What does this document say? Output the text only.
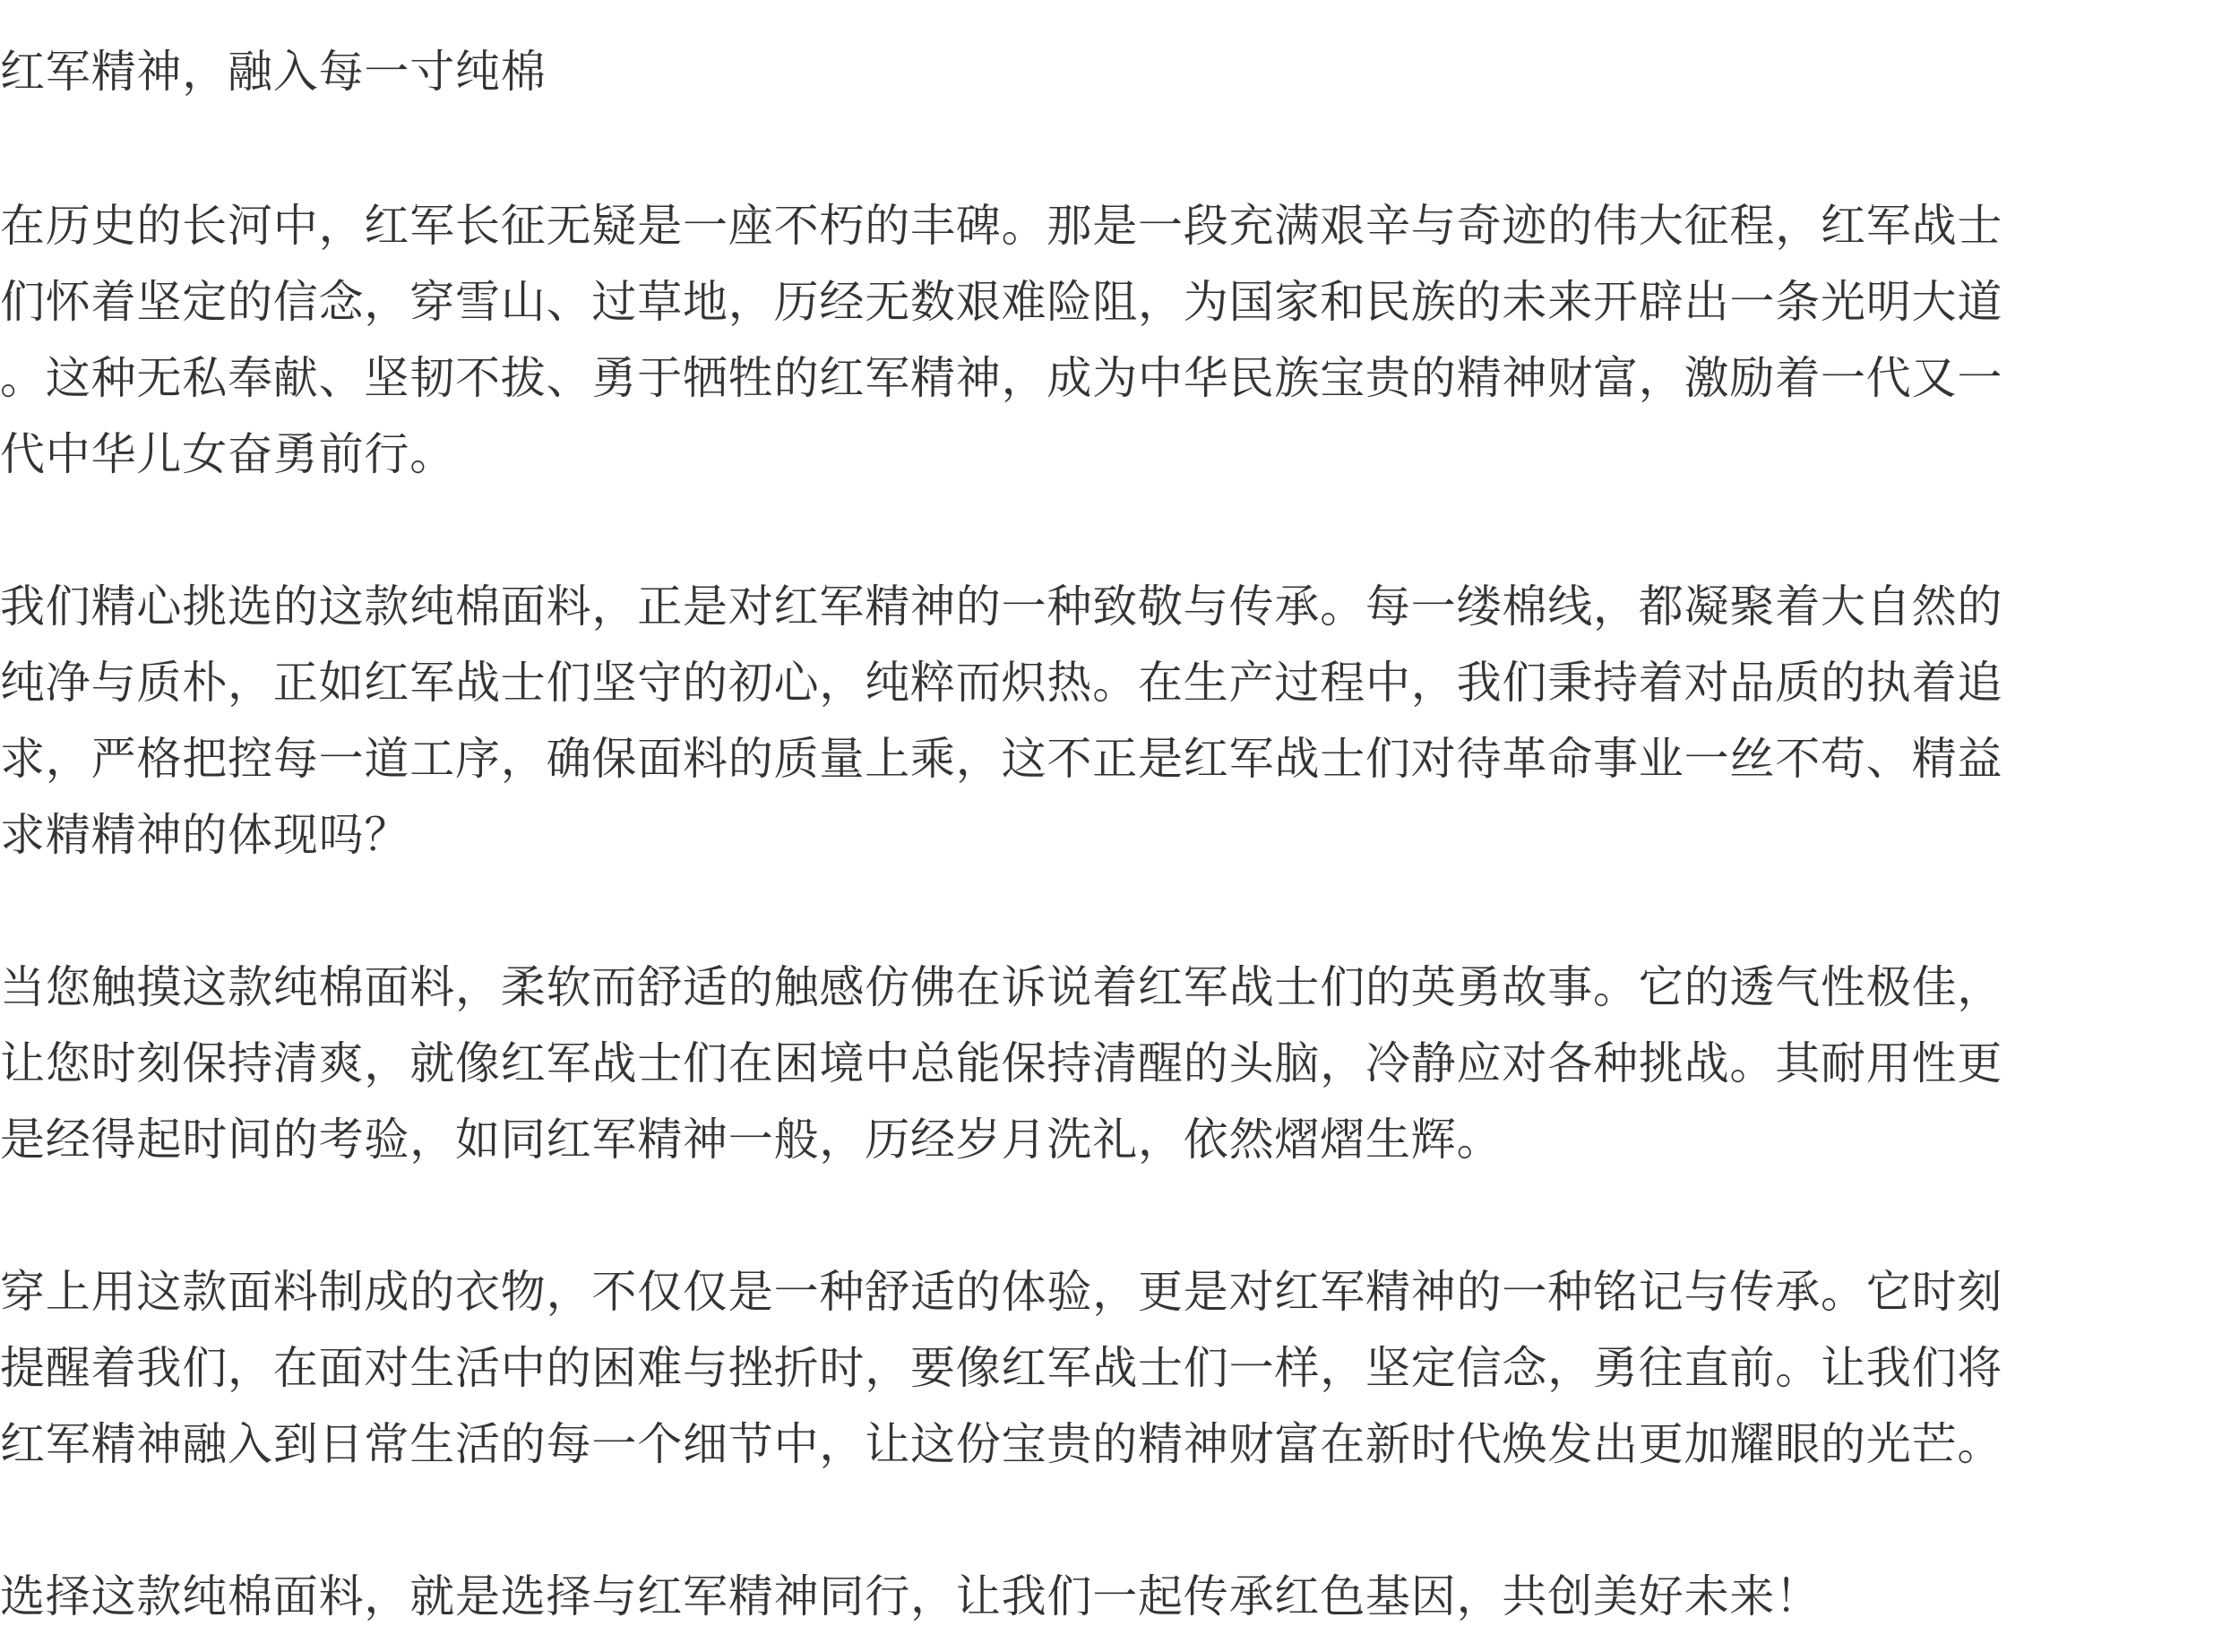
红军精神，融入每一寸纯棉

在历史的长河中，红军长征无疑是一座不朽的丰碑。那是一段充满艰辛与奇迹的伟大征程，红军战士

们怀着坚定的信念，穿雪山、过草地，历经无数艰难险阻，为国家和民族的未来开辟出一条光明大道

。这种无私奉献、坚韧不拔、勇于牺牲的红军精神，成为中华民族宝贵的精神财富，激励着一代又一

代中华儿女奋勇前行。

我们精心挑选的这款纯棉面料，正是对红军精神的一种致敬与传承。每一缕棉线，都凝聚着大自然的

纯净与质朴，正如红军战士们坚守的初心，纯粹而炽热。在生产过程中，我们秉持着对品质的执着追

求，严格把控每一道工序，确保面料的质量上乘，这不正是红军战士们对待革命事业一丝不苟、精益

求精精神的体现吗？

当您触摸这款纯棉面料，柔软而舒适的触感仿佛在诉说着红军战士们的英勇故事。它的透气性极佳，

让您时刻保持清爽，就像红军战士们在困境中总能保持清醒的头脑，冷静应对各种挑战。其耐用性更

是经得起时间的考验，如同红军精神一般，历经岁月洗礼，依然熠熠生辉。

穿上用这款面料制成的衣物，不仅仅是一种舒适的体验，更是对红军精神的一种铭记与传承。它时刻

提醒着我们，在面对生活中的困难与挫折时，要像红军战士们一样，坚定信念，勇往直前。让我们将

红军精神融入到日常生活的每一个细节中，让这份宝贵的精神财富在新时代焕发出更加耀眼的光芒。

选择这款纯棉面料，就是选择与红军精神同行，让我们一起传承红色基因，共创美好未来！
